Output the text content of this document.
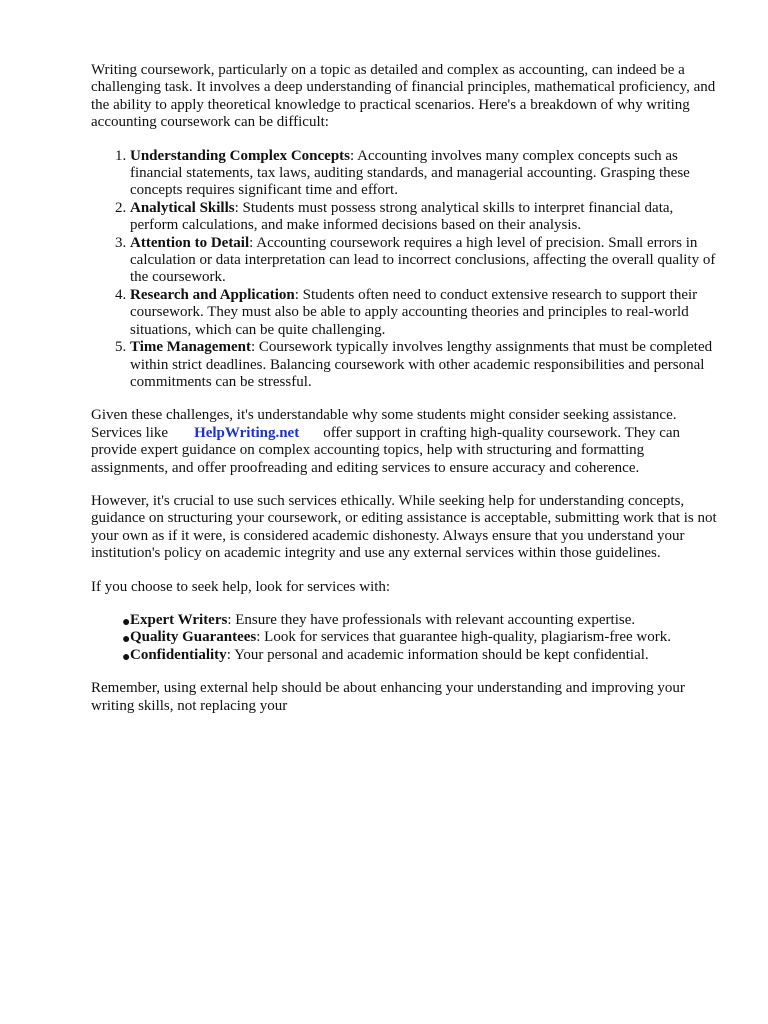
Writing coursework, particularly on a topic as detailed and complex as accounting, can indeed be a challenging task. It involves a deep understanding of financial principles, mathematical proficiency, and the ability to apply theoretical knowledge to practical scenarios. Here's a breakdown of why writing accounting coursework can be difficult:

1. Understanding Complex Concepts: Accounting involves many complex concepts such as financial statements, tax laws, auditing standards, and managerial accounting. Grasping these concepts requires significant time and effort.
2. Analytical Skills: Students must possess strong analytical skills to interpret financial data, perform calculations, and make informed decisions based on their analysis.
3. Attention to Detail: Accounting coursework requires a high level of precision. Small errors in calculation or data interpretation can lead to incorrect conclusions, affecting the overall quality of the coursework.
4. Research and Application: Students often need to conduct extensive research to support their coursework. They must also be able to apply accounting theories and principles to real-world situations, which can be quite challenging.
5. Time Management: Coursework typically involves lengthy assignments that must be completed within strict deadlines. Balancing coursework with other academic responsibilities and personal commitments can be stressful.

Given these challenges, it's understandable why some students might consider seeking assistance. Services like HelpWriting.net offer support in crafting high-quality coursework. They can provide expert guidance on complex accounting topics, help with structuring and formatting assignments, and offer proofreading and editing services to ensure accuracy and coherence.

However, it's crucial to use such services ethically. While seeking help for understanding concepts, guidance on structuring your coursework, or editing assistance is acceptable, submitting work that is not your own as if it were, is considered academic dishonesty. Always ensure that you understand your institution's policy on academic integrity and use any external services within those guidelines.

If you choose to seek help, look for services with:

● Expert Writers: Ensure they have professionals with relevant accounting expertise.
● Quality Guarantees: Look for services that guarantee high-quality, plagiarism-free work.
● Confidentiality: Your personal and academic information should be kept confidential.

Remember, using external help should be about enhancing your understanding and improving your writing skills, not replacing your
